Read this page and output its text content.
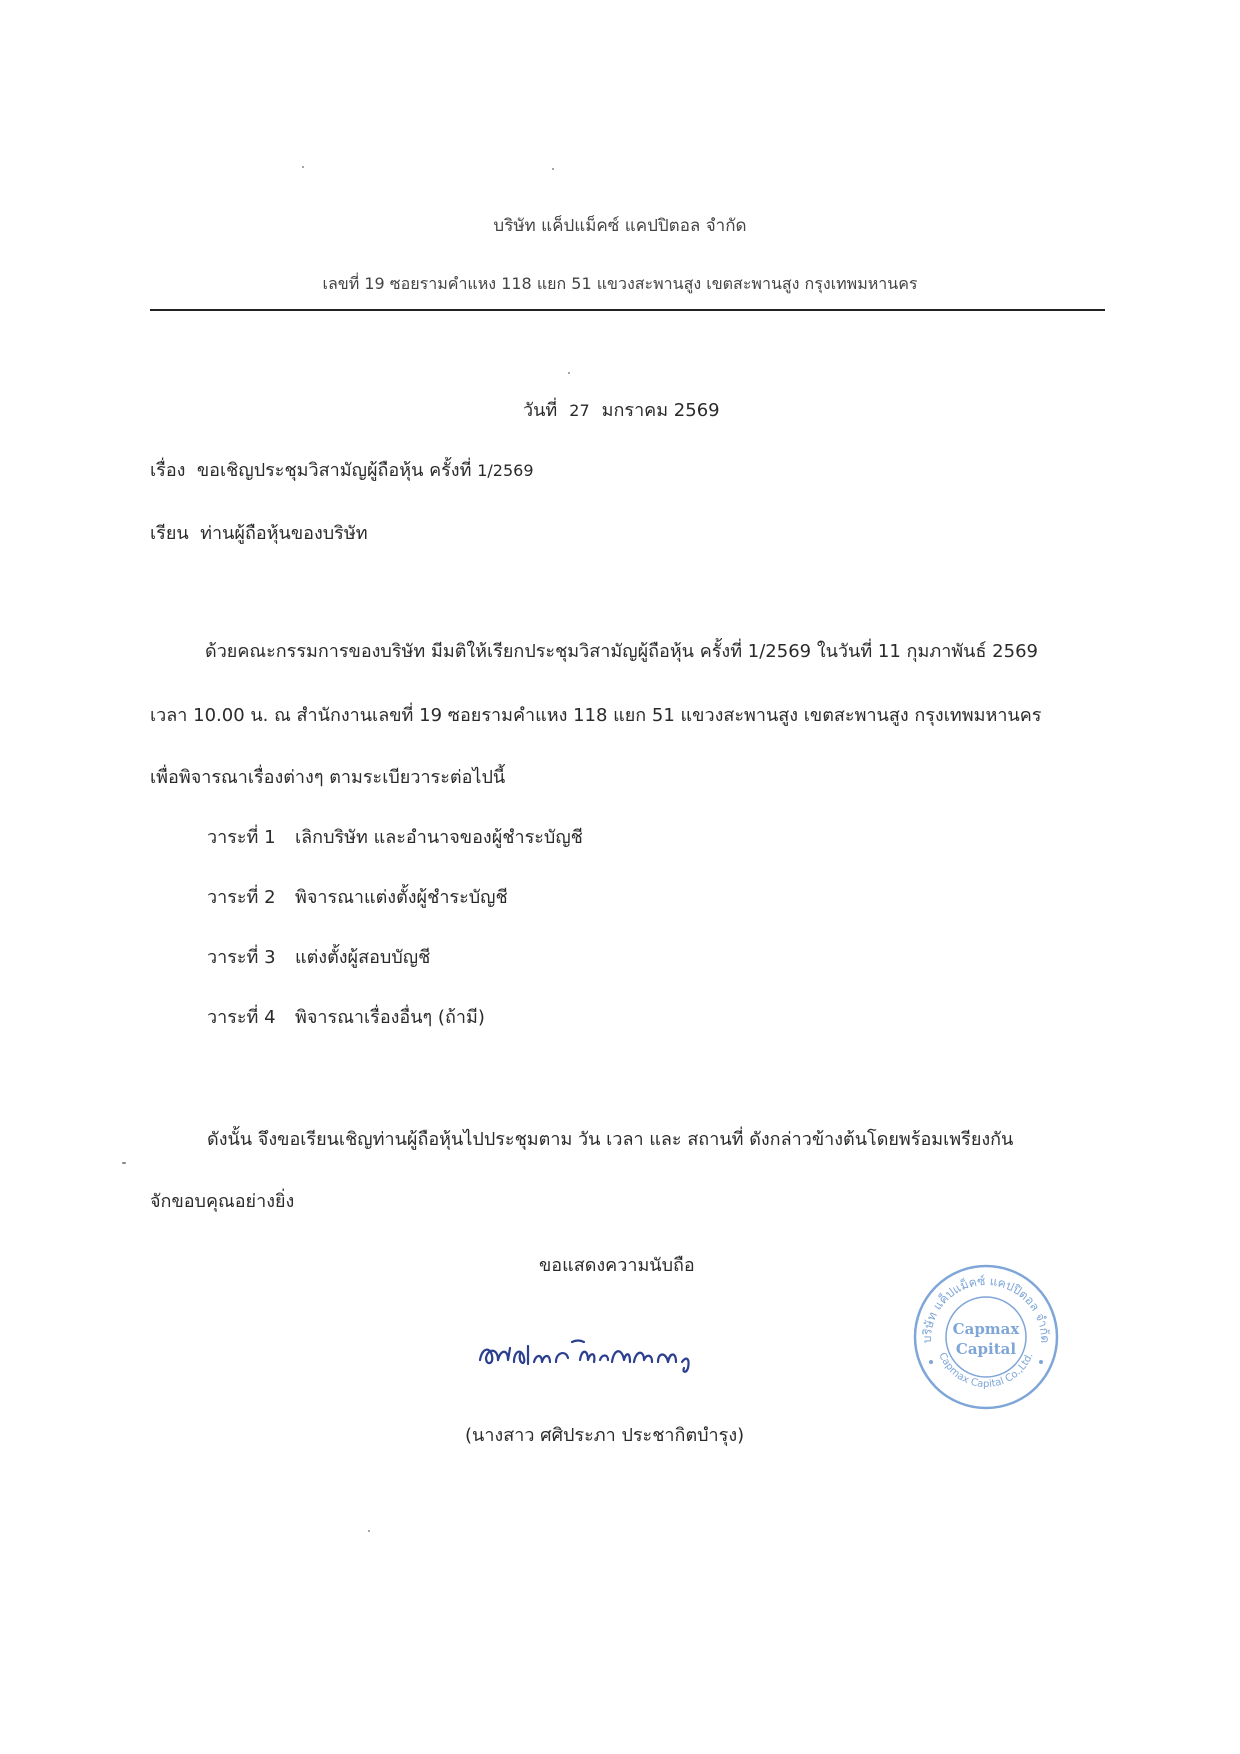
บริษัท แค็ปแม็คซ์ แคปปิตอล จำกัด
เลขที่ 19 ซอยรามคำแหง 118 แยก 51 แขวงสะพานสูง เขตสะพานสูง กรุงเทพมหานคร
วันที่ 27 มกราคม 2569
เรื่อง ขอเชิญประชุมวิสามัญผู้ถือหุ้น ครั้งที่ 1/2569
เรียน ท่านผู้ถือหุ้นของบริษัท
ด้วยคณะกรรมการของบริษัท มีมติให้เรียกประชุมวิสามัญผู้ถือหุ้น ครั้งที่ 1/2569 ในวันที่ 11 กุมภาพันธ์ 2569
เวลา 10.00 น. ณ สำนักงานเลขที่ 19 ซอยรามคำแหง 118 แยก 51 แขวงสะพานสูง เขตสะพานสูง กรุงเทพมหานคร
เพื่อพิจารณาเรื่องต่างๆ ตามระเบียวาระต่อไปนี้
วาระที่ 1 เลิกบริษัท และอำนาจของผู้ชำระบัญชี
วาระที่ 2 พิจารณาแต่งตั้งผู้ชำระบัญชี
วาระที่ 3 แต่งตั้งผู้สอบบัญชี
วาระที่ 4 พิจารณาเรื่องอื่นๆ (ถ้ามี)
ดังนั้น จึงขอเรียนเชิญท่านผู้ถือหุ้นไปประชุมตาม วัน เวลา และ สถานที่ ดังกล่าวข้างต้นโดยพร้อมเพรียงกัน
จักขอบคุณอย่างยิ่ง
ขอแสดงความนับถือ
(นางสาว ศศิประภา ประชากิตบำรุง)
บริษัท แค็ปแม็คซ์ แคปปิตอล จำกัด
Capmax Capital Co.,Ltd.
Capmax
Capital
